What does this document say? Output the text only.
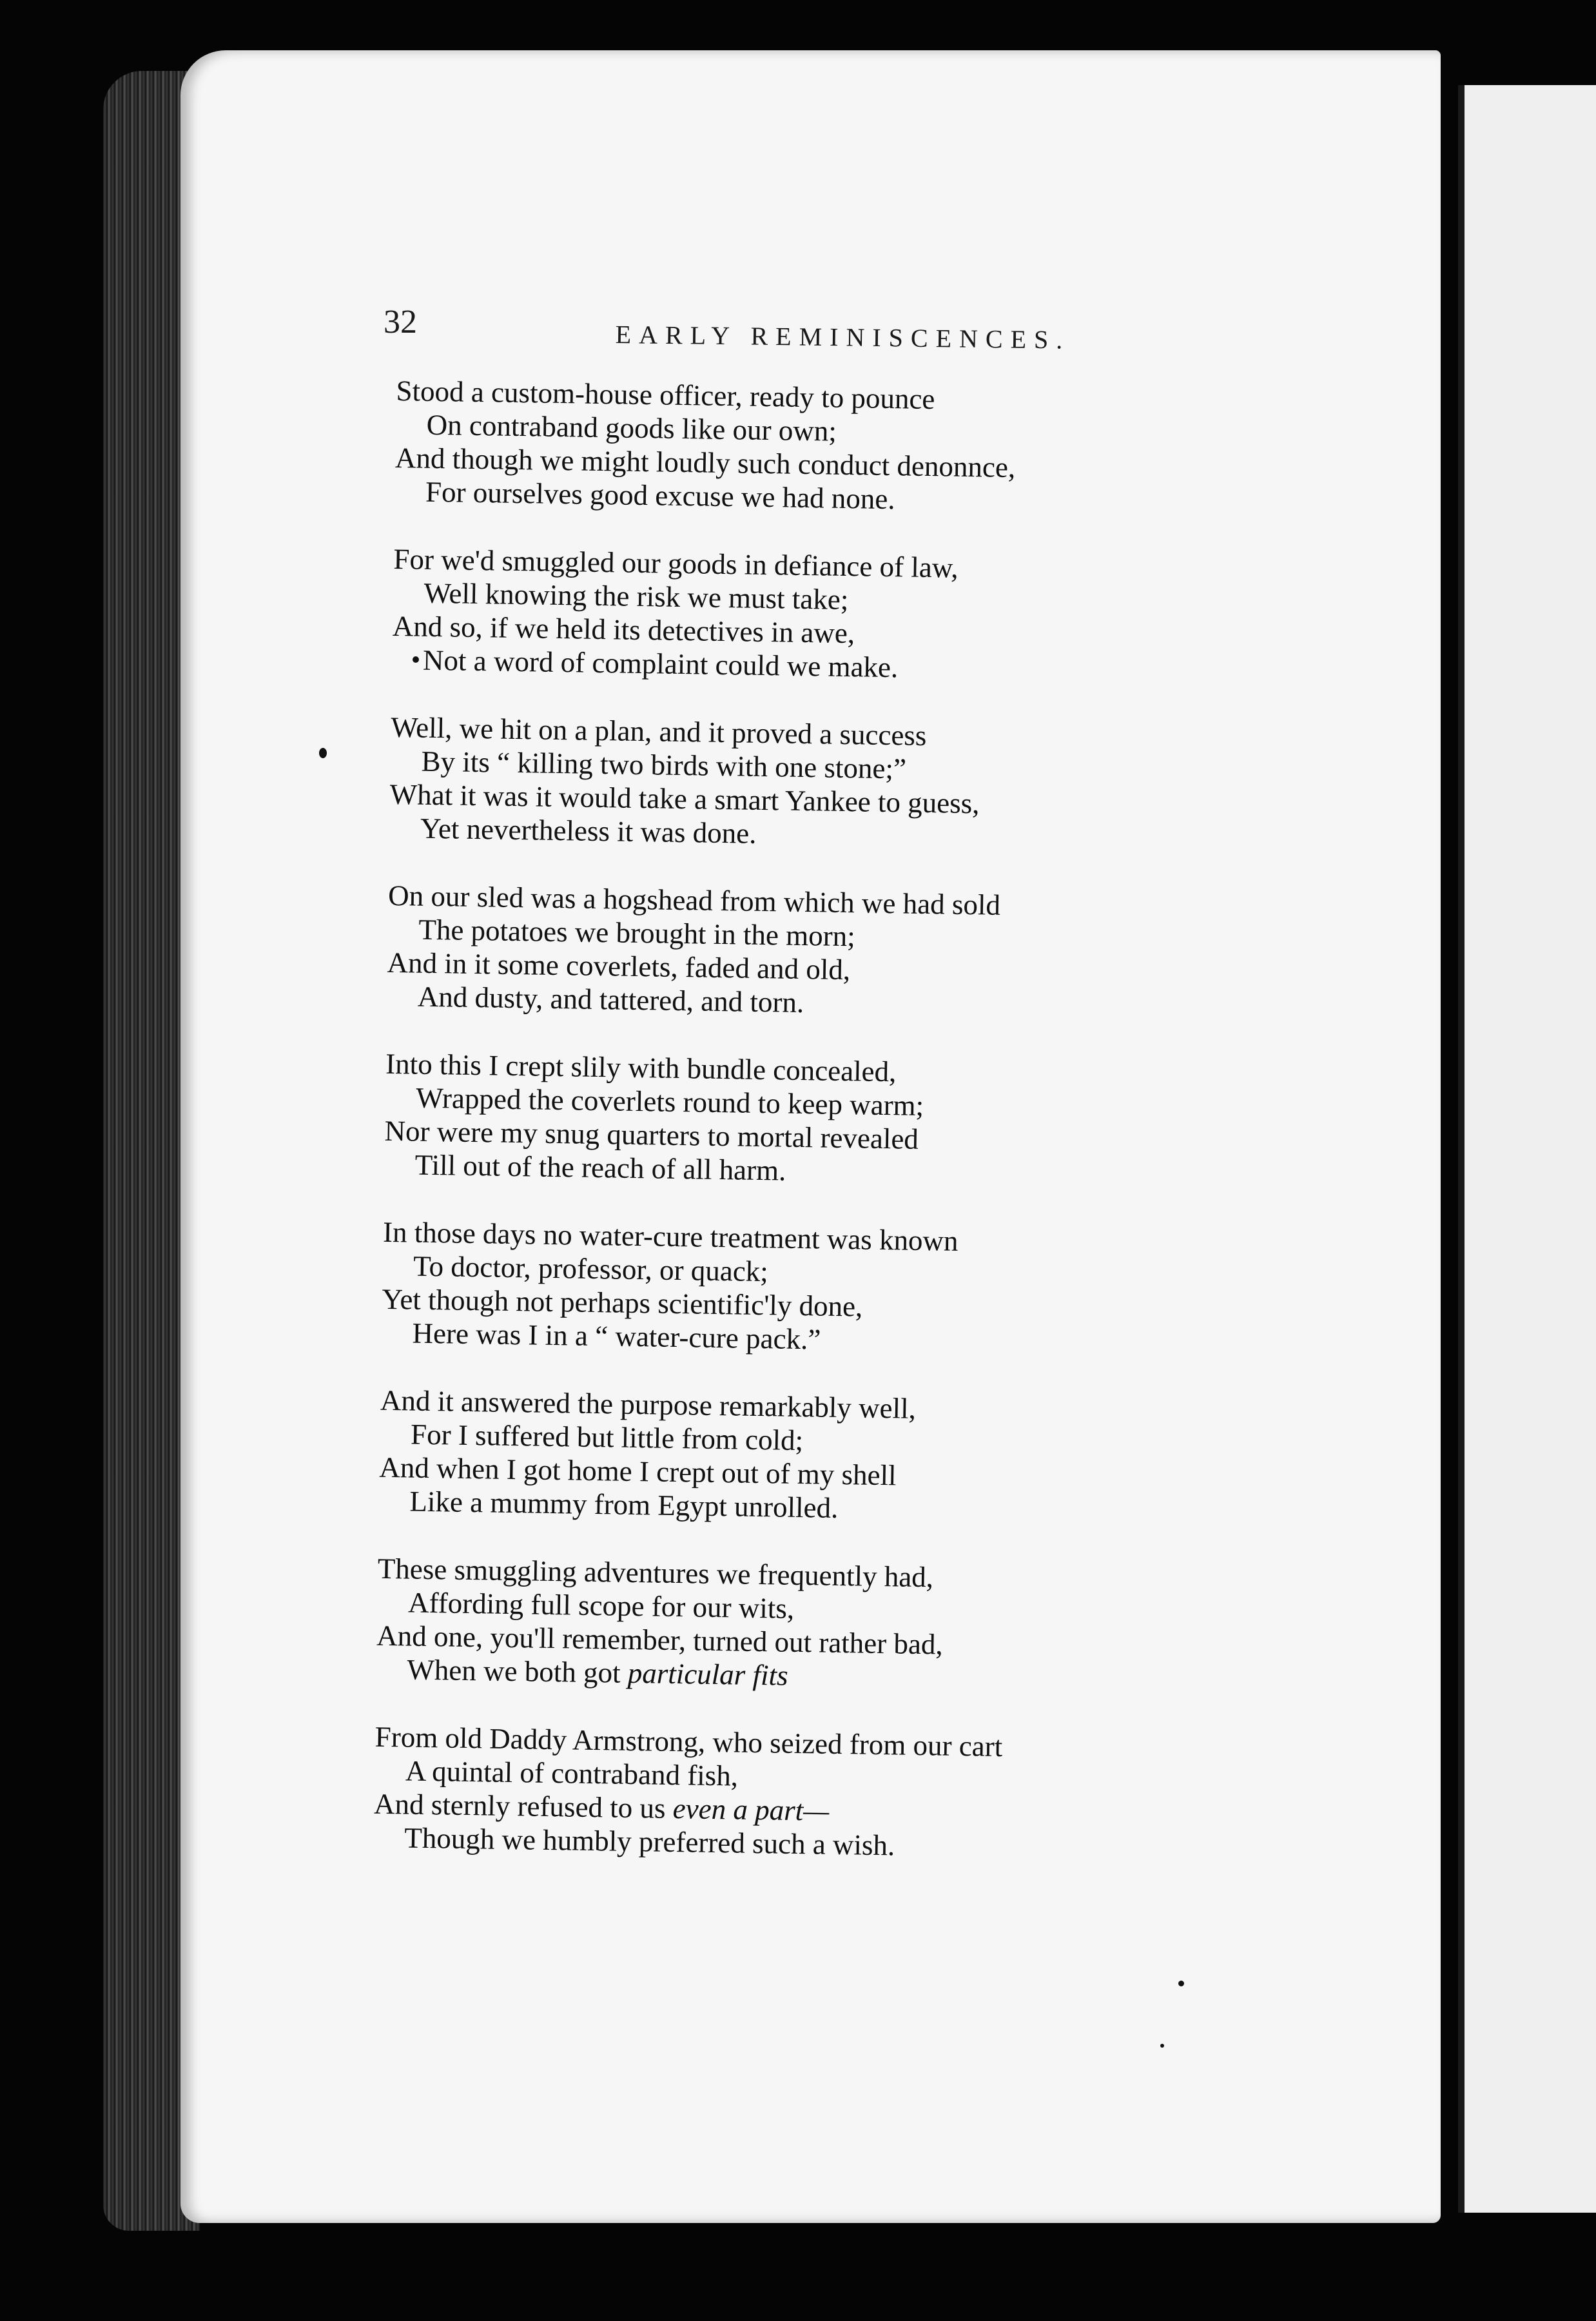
32	EARLY REMINISCENCES.
Stood a custom-house officer, ready to pounce
On contraband goods like our own;
And though we might loudly such conduct denonnce,
For ourselves good excuse we had none.
For we'd smuggled our goods in defiance of law,
Well knowing the risk we must take;
And so, if we held its detectives in awe,
Not a word of complaint could we make.
Well, we hit on a plan, and it proved a success
By its “ killing two birds with one stone;”
What it was it would take a smart Yankee to guess,
Yet nevertheless it was done.
On our sled was a hogshead from which we had sold
The potatoes we brought in the morn;
And in it some coverlets, faded and old,
And dusty, and tattered, and torn.
Into this I crept slily with bundle concealed,
Wrapped the coverlets round to keep warm;
Nor were my snug quarters to mortal revealed
Till out of the reach of all harm.
In those days no water-cure treatment was known
To doctor, professor, or quack;
Yet though not perhaps scientific'ly done,
Here was I in a “ water-cure pack.”
And it answered the purpose remarkably well,
For I suffered but little from cold;
And when I got home I crept out of my shell
Like a mummy from Egypt unrolled.
These smuggling adventures we frequently had,
Affording full scope for our wits,
And one, you'll remember, turned out rather bad,
When we both got particular fits
From old Daddy Armstrong, who seized from our cart
A quintal of contraband fish,
And sternly refused to us even a part—
Though we humbly preferred such a wish.
